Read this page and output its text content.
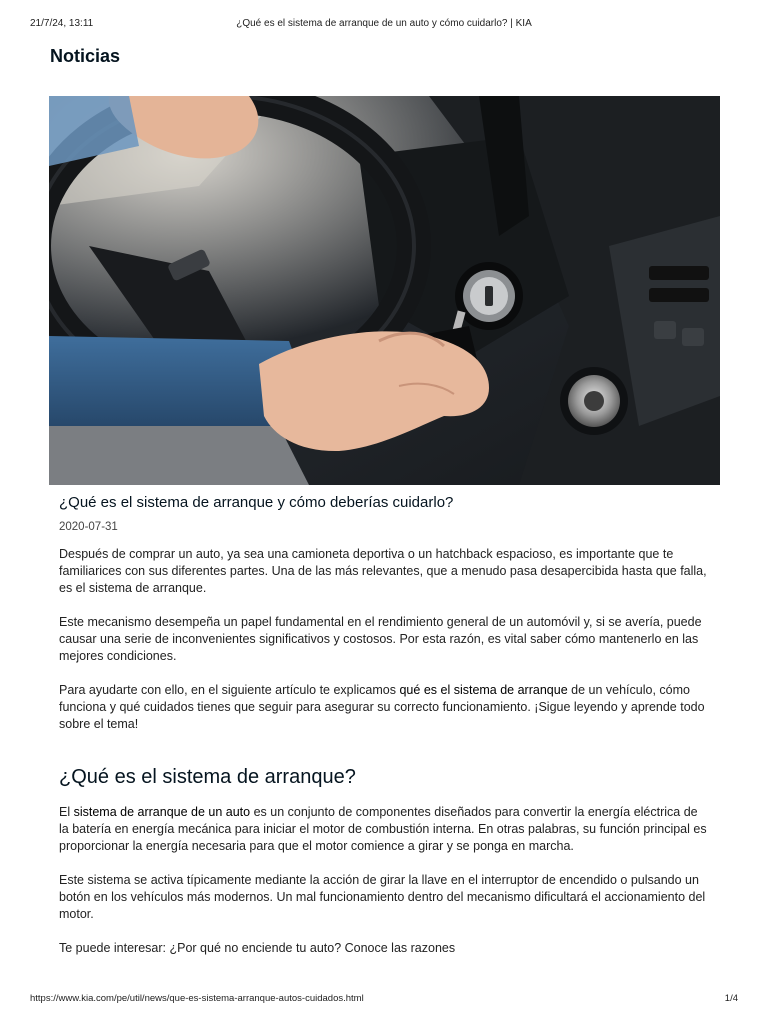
21/7/24, 13:11	¿Qué es el sistema de arranque de un auto y cómo cuidarlo? | KIA
Noticias
¿Qué es el sistema de arranque y cómo deberías cuidarlo?
2020-07-31

Después de comprar un auto, ya sea una camioneta deportiva o un hatchback espacioso, es importante que te familiarices con sus diferentes partes. Una de las más relevantes, que a menudo pasa desapercibida hasta que falla, es el sistema de arranque.

Este mecanismo desempeña un papel fundamental en el rendimiento general de un automóvil y, si se avería, puede causar una serie de inconvenientes significativos y costosos. Por esta razón, es vital saber cómo mantenerlo en las mejores condiciones.

Para ayudarte con ello, en el siguiente artículo te explicamos qué es el sistema de arranque de un vehículo, cómo funciona y qué cuidados tienes que seguir para asegurar su correcto funcionamiento. ¡Sigue leyendo y aprende todo sobre el tema!

¿Qué es el sistema de arranque?

El sistema de arranque de un auto es un conjunto de componentes diseñados para convertir la energía eléctrica de la batería en energía mecánica para iniciar el motor de combustión interna. En otras palabras, su función principal es proporcionar la energía necesaria para que el motor comience a girar y se ponga en marcha.

Este sistema se activa típicamente mediante la acción de girar la llave en el interruptor de encendido o pulsando un botón en los vehículos más modernos. Un mal funcionamiento dentro del mecanismo dificultará el accionamiento del motor.

Te puede interesar: ¿Por qué no enciende tu auto? Conoce las razones

https://www.kia.com/pe/util/news/que-es-sistema-arranque-autos-cuidados.html	1/4
